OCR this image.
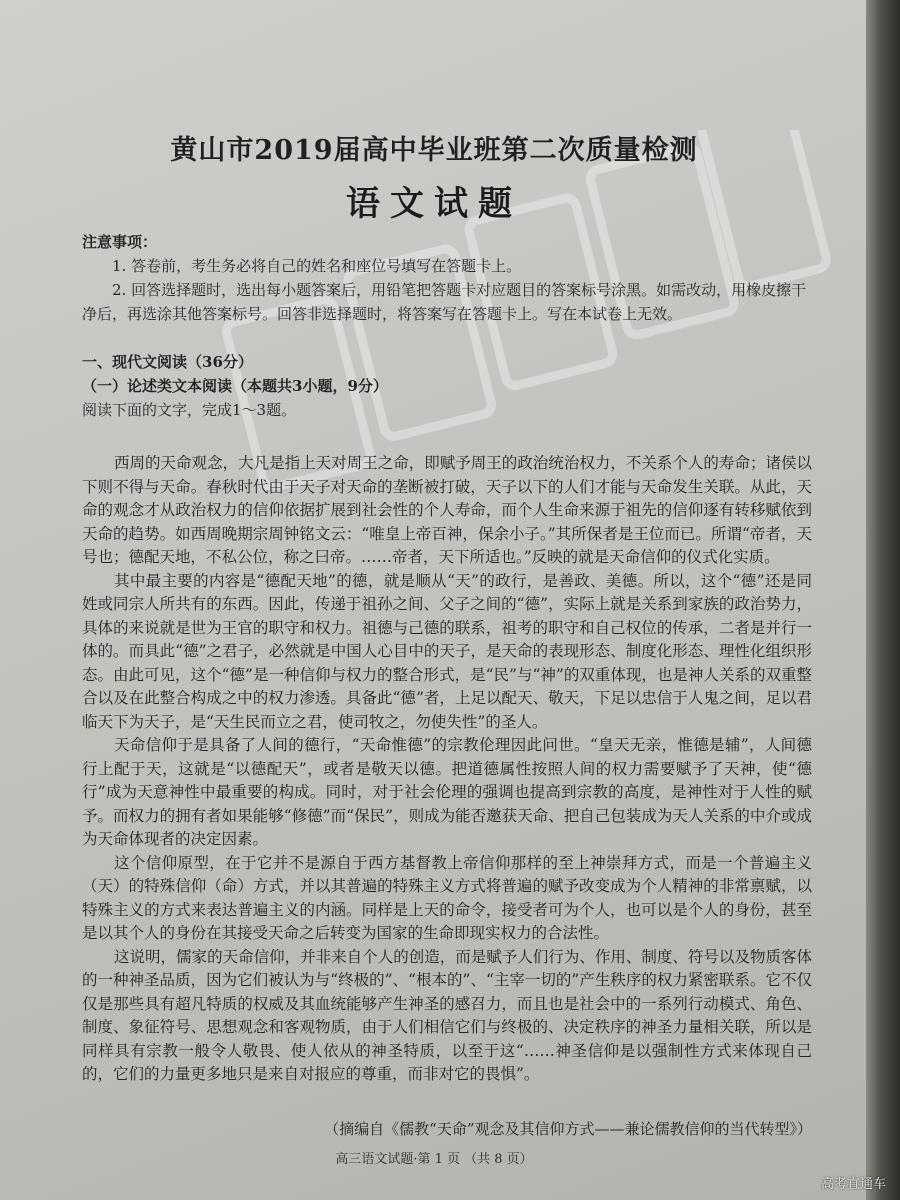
黄山市2019届高中毕业班第二次质量检测
语文试题

注意事项：

1. 答卷前，考生务必将自己的姓名和座位号填写在答题卡上。

2. 回答选择题时，选出每小题答案后，用铅笔把答题卡对应题目的答案标号涂黑。如需改动，用橡皮擦干净后，再选涂其他答案标号。回答非选择题时，将答案写在答题卡上。写在本试卷上无效。

一、现代文阅读（36分）

（一）论述类文本阅读（本题共3小题，9分）

阅读下面的文字，完成1～3题。

西周的天命观念，大凡是指上天对周王之命，即赋予周王的政治统治权力，不关系个人的寿命；诸侯以下则不得与天命。春秋时代由于天子对天命的垄断被打破，天子以下的人们才能与天命发生关联。从此，天命的观念才从政治权力的信仰依据扩展到社会性的个人寿命，而个人生命来源于祖先的信仰逐有转移赋依到天命的趋势。如西周晚期宗周钟铭文云：“唯皇上帝百神，保余小子。”其所保者是王位而已。所谓“帝者，天号也；德配天地，不私公位，称之曰帝。……帝者，天下所适也。”反映的就是天命信仰的仪式化实质。

其中最主要的内容是“德配天地”的德，就是顺从“天”的政行，是善政、美德。所以，这个“德”还是同姓或同宗人所共有的东西。因此，传递于祖孙之间、父子之间的“德”，实际上就是关系到家族的政治势力，具体的来说就是世为王官的职守和权力。祖德与己德的联系，祖考的职守和自己权位的传承，二者是并行一体的。而具此“德”之君子，必然就是中国人心目中的天子，是天命的表现形态、制度化形态、理性化组织形态。由此可见，这个“德”是一种信仰与权力的整合形式，是“民”与“神”的双重体现，也是神人关系的双重整合以及在此整合构成之中的权力渗透。具备此“德”者，上足以配天、敬天，下足以忠信于人鬼之间，足以君临天下为天子，是“天生民而立之君，使司牧之，勿使失性”的圣人。

天命信仰于是具备了人间的德行，“天命惟德”的宗教伦理因此问世。“皇天无亲，惟德是辅”，人间德行上配于天，这就是“以德配天”，或者是敬天以德。把道德属性按照人间的权力需要赋予了天神，使“德行”成为天意神性中最重要的构成。同时，对于社会伦理的强调也提高到宗教的高度，是神性对于人性的赋予。而权力的拥有者如果能够“修德”而“保民”，则成为能否邀获天命、把自己包装成为天人关系的中介或成为天命体现者的决定因素。

这个信仰原型，在于它并不是源自于西方基督教上帝信仰那样的至上神崇拜方式，而是一个普遍主义（天）的特殊信仰（命）方式，并以其普遍的特殊主义方式将普遍的赋予改变成为个人精神的非常禀赋，以特殊主义的方式来表达普遍主义的内涵。同样是上天的命令，接受者可为个人，也可以是个人的身份，甚至是以其个人的身份在其接受天命之后转变为国家的生命即现实权力的合法性。

这说明，儒家的天命信仰，并非来自个人的创造，而是赋予人们行为、作用、制度、符号以及物质客体的一种神圣品质，因为它们被认为与“终极的”、“根本的”、“主宰一切的”产生秩序的权力紧密联系。它不仅仅是那些具有超凡特质的权威及其血统能够产生神圣的感召力，而且也是社会中的一系列行动模式、角色、制度、象征符号、思想观念和客观物质，由于人们相信它们与终极的、决定秩序的神圣力量相关联，所以是同样具有宗教一般令人敬畏、使人依从的神圣特质，以至于这“……神圣信仰是以强制性方式来体现自己的，它们的力量更多地只是来自对报应的尊重，而非对它的畏惧”。

（摘编自《儒教“天命”观念及其信仰方式——兼论儒教信仰的当代转型》）
高三语文试题·第 1 页 （共 8 页）
高考直通车
